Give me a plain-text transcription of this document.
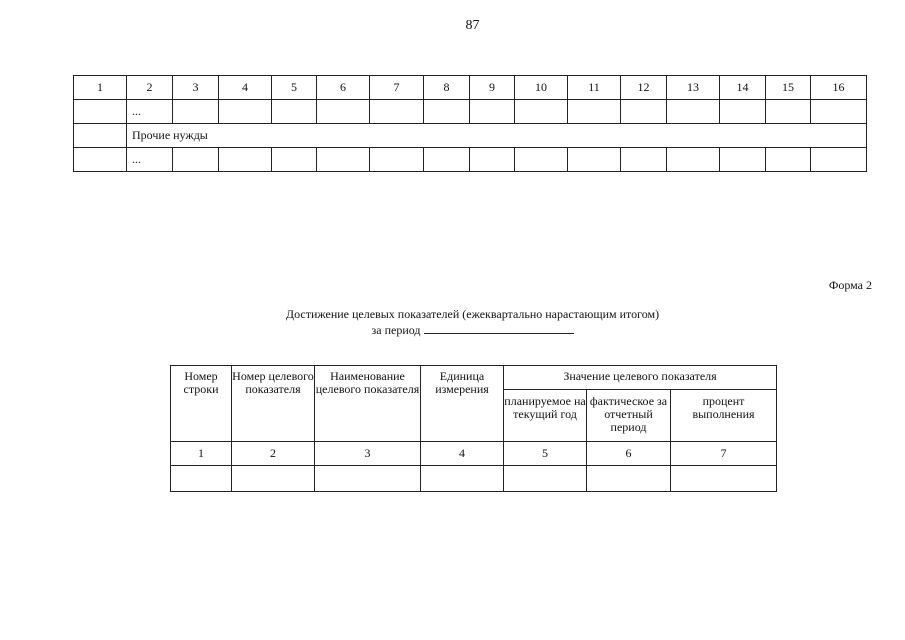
87
1	2	3	4	5	6	7	8	9	10	11	12	13	14	15	16
	...														
	Прочие нужды														
	...														
Форма 2
Достижение целевых показателей (ежеквартально нарастающим итогом)
за период
Номер строки	Номер целевого показателя	Наименование целевого показателя	Единица измерения	Значение целевого показателя		
				планируемое на текущий год	фактическое за отчетный период	процент выполнения
1	2	3	4	5	6	7
